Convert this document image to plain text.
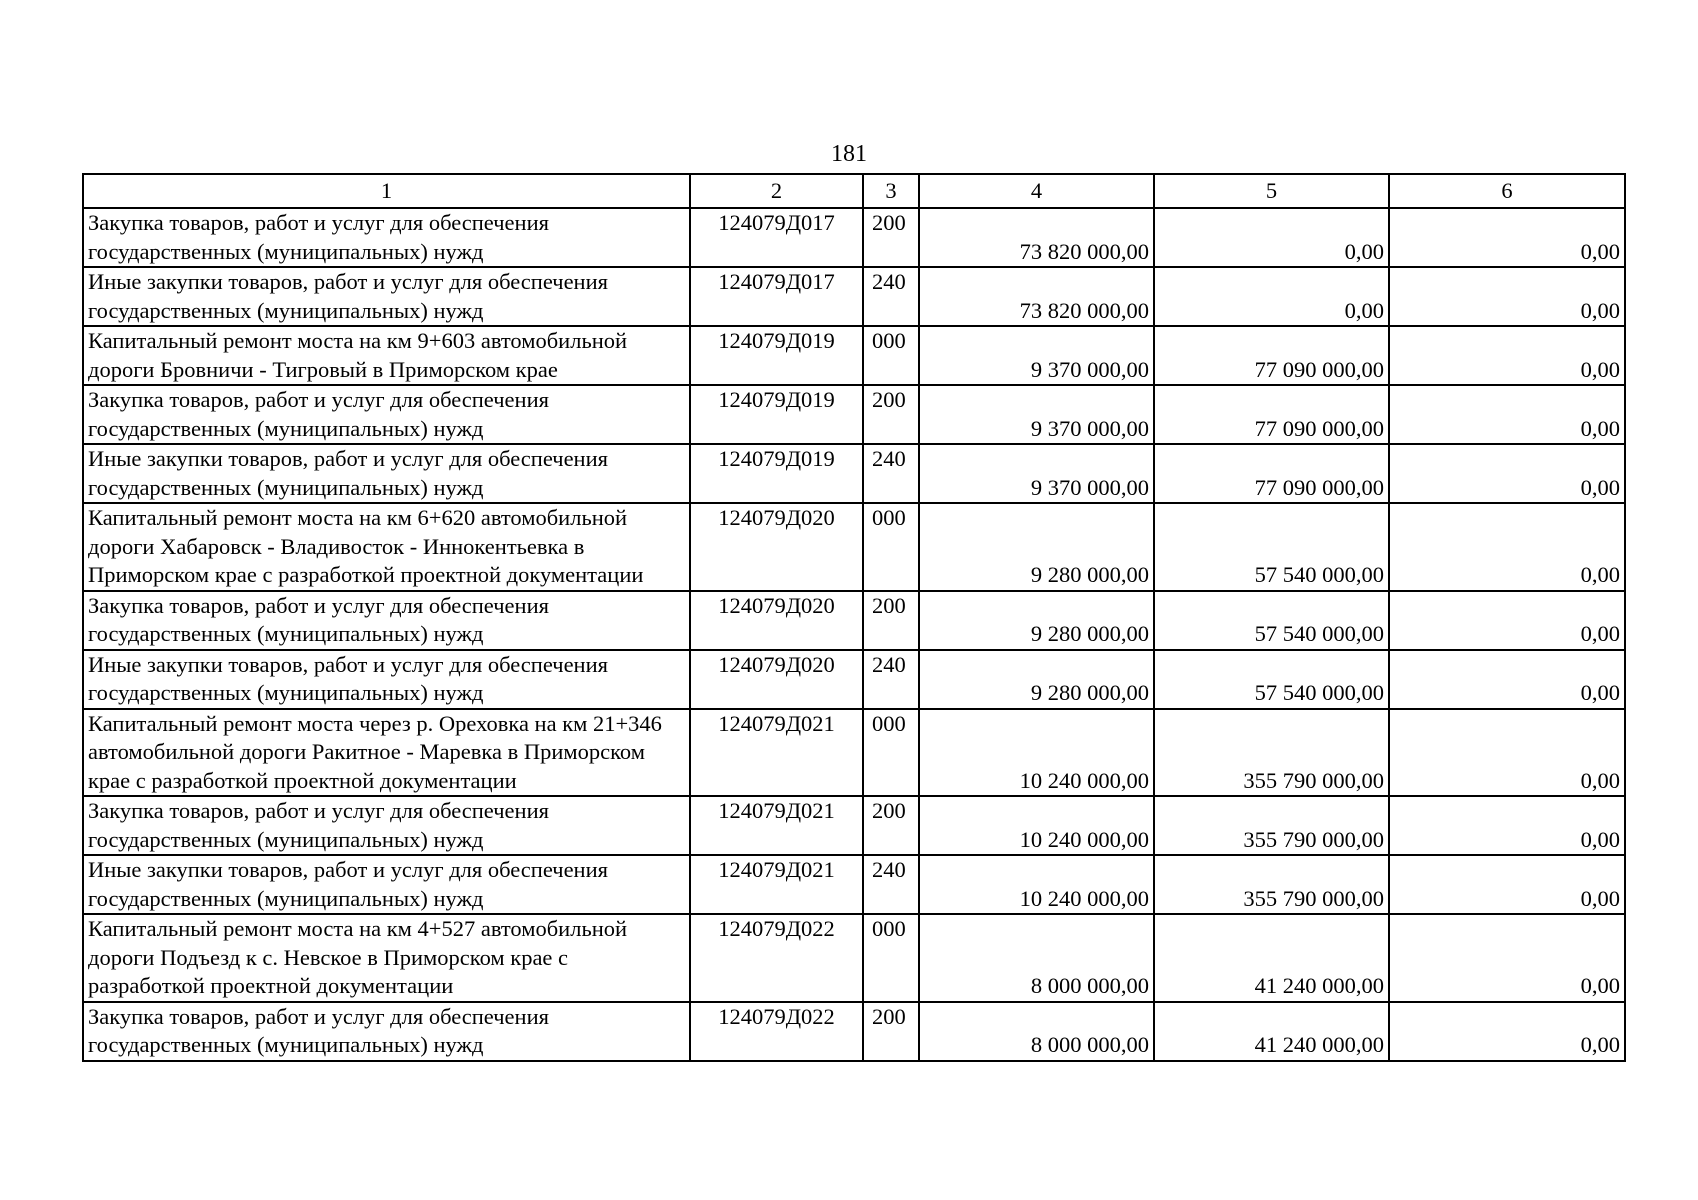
181
1	2	3	4	5	6
Закупка товаров, работ и услуг для обеспечения государственных (муниципальных) нужд	124079Д017	200	73 820 000,00	0,00	0,00
Иные закупки товаров, работ и услуг для обеспечения государственных (муниципальных) нужд	124079Д017	240	73 820 000,00	0,00	0,00
Капитальный ремонт моста на км 9+603 автомобильной дороги Бровничи - Тигровый в Приморском крае	124079Д019	000	9 370 000,00	77 090 000,00	0,00
Закупка товаров, работ и услуг для обеспечения государственных (муниципальных) нужд	124079Д019	200	9 370 000,00	77 090 000,00	0,00
Иные закупки товаров, работ и услуг для обеспечения государственных (муниципальных) нужд	124079Д019	240	9 370 000,00	77 090 000,00	0,00
Капитальный ремонт моста на км 6+620 автомобильной дороги Хабаровск - Владивосток - Иннокентьевка в Приморском крае с разработкой проектной документации	124079Д020	000	9 280 000,00	57 540 000,00	0,00
Закупка товаров, работ и услуг для обеспечения государственных (муниципальных) нужд	124079Д020	200	9 280 000,00	57 540 000,00	0,00
Иные закупки товаров, работ и услуг для обеспечения государственных (муниципальных) нужд	124079Д020	240	9 280 000,00	57 540 000,00	0,00
Капитальный ремонт моста через р. Ореховка на км 21+346 автомобильной дороги Ракитное - Маревка в Приморском крае с разработкой проектной документации	124079Д021	000	10 240 000,00	355 790 000,00	0,00
Закупка товаров, работ и услуг для обеспечения государственных (муниципальных) нужд	124079Д021	200	10 240 000,00	355 790 000,00	0,00
Иные закупки товаров, работ и услуг для обеспечения государственных (муниципальных) нужд	124079Д021	240	10 240 000,00	355 790 000,00	0,00
Капитальный ремонт моста на км 4+527 автомобильной дороги Подъезд к с. Невское в Приморском крае с разработкой проектной документации	124079Д022	000	8 000 000,00	41 240 000,00	0,00
Закупка товаров, работ и услуг для обеспечения государственных (муниципальных) нужд	124079Д022	200	8 000 000,00	41 240 000,00	0,00
